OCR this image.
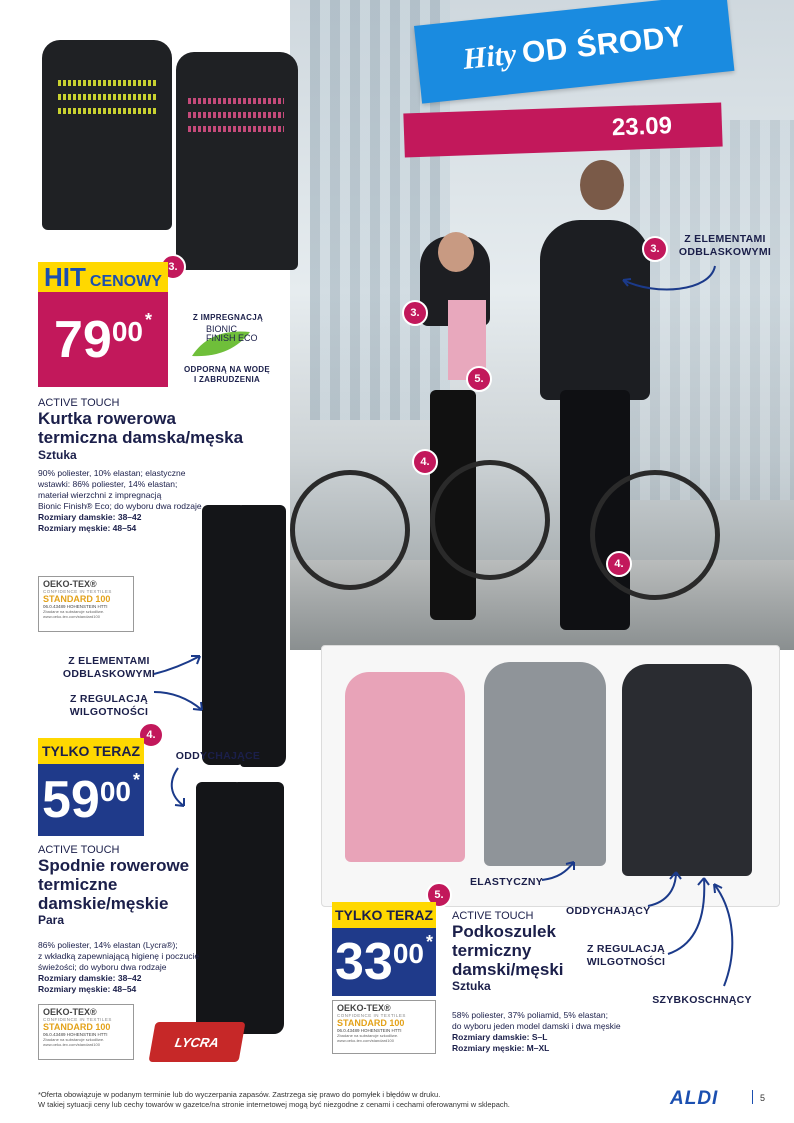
Hity OD ŚRODY
23.09
Z ELEMENTAMI
ODBLASKOWYMI
3.
3.
5.
4.
4.
3.
HIT CENOWY
79 00 *	Z IMPREGNACJĄ
BIONIC
FINISH ECO
ODPORNĄ NA WODĘ
I ZABRUDZENIA
ACTIVE TOUCH
Kurtka rowerowa
termiczna damska/męska
Sztuka
90% poliester, 10% elastan; elastyczne
wstawki: 86% poliester, 14% elastan;
materiał wierzchni z impregnacją
Bionic Finish® Eco; do wyboru dwa rodzaje
Rozmiary damskie: 38–42
Rozmiary męskie: 48–54
OEKO-TEX®
CONFIDENCE IN TEXTILES
STANDARD 100
06.0.43489 HOHENSTEIN HTTI
Zbadane na substancje szkodliwe.
www.oeko-tex.com/standard100
Z ELEMENTAMI
ODBLASKOWYMI
Z REGULACJĄ
WILGOTNOŚCI
ODDYCHAJĄCE
4.
TYLKO TERAZ
59 00 *
ACTIVE TOUCH
Spodnie rowerowe
termiczne
damskie/męskie
Para
86% poliester, 14% elastan (Lycra®);
z wkładką zapewniającą higienę i poczucie
świeżości; do wyboru dwa rodzaje
Rozmiary damskie: 38–42
Rozmiary męskie: 48–54
OEKO-TEX®
CONFIDENCE IN TEXTILES
STANDARD 100
06.0.43489 HOHENSTEIN HTTI
Zbadane na substancje szkodliwe.
www.oeko-tex.com/standard100	LYCRA
ELASTYCZNY
ODDYCHAJĄCY
Z REGULACJĄ
WILGOTNOŚCI
SZYBKOSCHNĄCY
5.
TYLKO TERAZ
33 00 *
OEKO-TEX®
CONFIDENCE IN TEXTILES
STANDARD 100
06.0.43489 HOHENSTEIN HTTI
Zbadane na substancje szkodliwe.
www.oeko-tex.com/standard100
ACTIVE TOUCH
Podkoszulek
termiczny
damski/męski
Sztuka
58% poliester, 37% poliamid, 5% elastan;
do wyboru jeden model damski i dwa męskie
Rozmiary damskie: S–L
Rozmiary męskie: M–XL
*Oferta obowiązuje w podanym terminie lub do wyczerpania zapasów. Zastrzega się prawo do pomyłek i błędów w druku.
W takiej sytuacji ceny lub cechy towarów w gazetce/na stronie internetowej mogą być niezgodne z cenami i cechami oferowanymi w sklepach.	ALDI	5
